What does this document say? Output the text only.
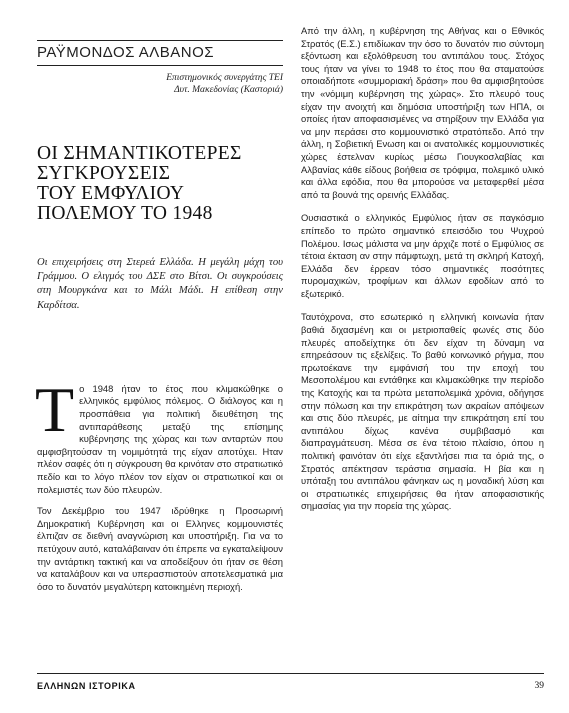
ΡΑΫΜΟΝΔΟΣ ΑΛΒΑΝΟΣ
Επιστημονικός συνεργάτης ΤΕΙ
Δυτ. Μακεδονίας (Καστοριά)
ΟΙ ΣΗΜΑΝΤΙΚΟΤΕΡΕΣ
ΣΥΓΚΡΟΥΣΕΙΣ
ΤΟΥ ΕΜΦΥΛΙΟΥ
ΠΟΛΕΜΟΥ ΤΟ 1948

Οι επιχειρήσεις στη Στερεά Ελλάδα. Η μεγάλη μάχη του Γράμμου. Ο ελιγμός του ΔΣΕ στο Βίτσι. Οι συγκρούσεις στη Μουργκάνα και το Μάλι Μάδι. Η επίθεση στην Καρδίτσα.

Το 1948 ήταν το έτος που κλιμακώθηκε ο ελληνικός εμφύλιος πόλεμος. Ο διάλογος και η προσπάθεια για πολιτική διευθέτηση της αντιπαράθεσης μεταξύ της επίσημης κυβέρνησης της χώρας και των ανταρτών που αμφισβητούσαν τη νομιμότητά της είχαν αποτύχει. Ηταν πλέον σαφές ότι η σύγκρουση θα κρινόταν στο στρατιωτικό πεδίο και το λόγο πλέον τον είχαν οι στρατιωτικοί και οι πολεμιστές των δύο πλευρών.

Τον Δεκέμβριο του 1947 ιδρύθηκε η Προσωρινή Δημοκρατική Κυβέρνηση και οι Ελληνες κομμουνιστές έλπιζαν σε διεθνή αναγνώριση και υποστήριξη. Για να το πετύχουν αυτό, καταλάβαιναν ότι έπρεπε να εγκαταλείψουν την αντάρτικη τακτική και να αποδείξουν ότι ήταν σε θέση να καταλάβουν και να υπερασπιστούν αποτελεσματικά μια όσο το δυνατόν μεγαλύτερη κατοικημένη περιοχή.

Από την άλλη, η κυβέρνηση της Αθήνας και ο Εθνικός Στρατός (Ε.Σ.) επιδίωκαν την όσο το δυνατόν πιο σύντομη εξόντωση και εξολόθρευση του αντιπάλου τους. Στόχος τους ήταν να γίνει το 1948 το έτος που θα σταματούσε οποιαδήποτε «συμμοριακή δράση» που θα αμφισβητούσε την «νόμιμη κυβέρνηση της χώρας». Στο πλευρό τους είχαν την ανοιχτή και δημόσια υποστήριξη των ΗΠΑ, οι οποίες ήταν αποφασισμένες να στηρίξουν την Ελλάδα για να μην περάσει στο κομμουνιστικό στρατόπεδο. Από την άλλη, η Σοβιετική Ενωση και οι ανατολικές κομμουνιστικές χώρες έστελναν κυρίως μέσω Γιουγκοσλαβίας και Αλβανίας κάθε είδους βοήθεια σε τρόφιμα, πολεμικό υλικό και άλλα εφόδια, που θα μπορούσε να μεταφερθεί μέσα από τα βουνά της ορεινής Ελλάδας.

Ουσιαστικά ο ελληνικός Εμφύλιος ήταν σε παγκόσμιο επίπεδο το πρώτο σημαντικό επεισόδιο του Ψυχρού Πολέμου. Ισως μάλιστα να μην άρχιζε ποτέ ο Εμφύλιος σε τέτοια έκταση αν στην πάμφτωχη, μετά τη σκληρή Κατοχή, Ελλάδα δεν έρρεαν τόσο σημαντικές ποσότητες πυρομαχικών, τροφίμων και άλλων εφοδίων από το εξωτερικό.

Ταυτόχρονα, στο εσωτερικό η ελληνική κοινωνία ήταν βαθιά διχασμένη και οι μετριοπαθείς φωνές στις δύο πλευρές αποδείχτηκε ότι δεν είχαν τη δύναμη να επηρεάσουν τις εξελίξεις. Το βαθύ κοινωνικό ρήγμα, που πρωτοέκανε την εμφάνισή του την εποχή του Μεσοπολέμου και εντάθηκε και κλιμακώθηκε την περίοδο της Κατοχής και τα πρώτα μεταπολεμικά χρόνια, οδήγησε στην πόλωση και την επικράτηση των ακραίων απόψεων και στις δύο πλευρές, με αίτημα την επικράτηση επί του αντιπάλου δίχως κανένα συμβιβασμό και διαπραγμάτευση. Μέσα σε ένα τέτοιο πλαίσιο, όπου η πολιτική φαινόταν ότι είχε εξαντλήσει πια τα όριά της, ο Στρατός απέκτησαν τεράστια σημασία. Η βία και η υπόταξη του αντιπάλου φάνηκαν ως η μοναδική λύση και οι στρατιωτικές επιχειρήσεις θα ήταν αποφασιστικής σημασίας για την πορεία της χώρας.

ΕΛΛΗΝΩΝ ΙΣΤΟΡΙΚΑ	39
